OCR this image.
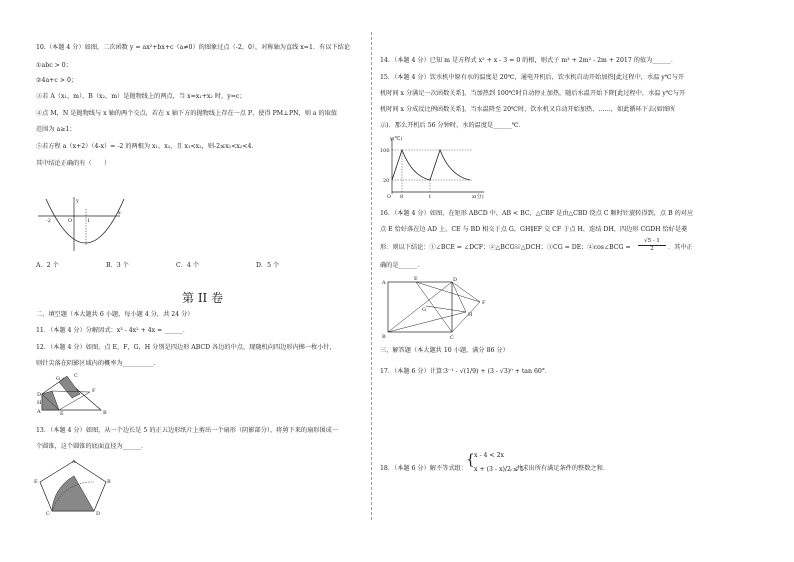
10.（本题 4 分）如图，二次函数 y = ax²+bx+c（a≠0）的图象过点（-2，0），对称轴为直线 x=1．有以下结论
①abc > 0；
②4a+c > 0；
③若 A（x₁，m），B（x₂，m）是抛物线上的两点，当 x=x₁+x₂ 时，y=c；
④点 M，N 是抛物线与 x 轴的两个交点，若在 x 轴下方的抛物线上存在一点 P，使得 PM⊥PN，则 a 的取值
范围为 a≥1；
⑤若方程 a（x+2）（4-x）= -2 的两根为 x₁，x₂，且 x₁<x₂，则-2≤x₁<x₂<4．
其中结论正确的有（　　）
-2	O	1
x
y
A．2 个	B．3 个	C．4 个	D．5 个
第 II 卷
二、填空题（本大题共 6 小题，每小题 4 分，共 24 分）
11．（本题 4 分）分解因式：x³ - 4x² + 4x = ______．
12．（本题 4 分）如图，点 E，F，G，H 分别是四边形 ABCD 各边的中点，现随机向四边形内掷一枚小针，
则针尖落在阴影区域内的概率为__________．
A
D
B
C
G
F
H
E
13．（本题 4 分）如图，从一个边长是 5 的正五边形纸片上剪出一个扇形（阴影部分），将剪下来的扇形围成一
个圆锥，这个圆锥的底面直径为______．
A
B
E
C	D
14．（本题 4 分）已知 m 是方程式 x² + x - 3 = 0 的根，则式子 m³ + 2m² - 2m + 2017 的值为______．
15．（本题 4 分）饮水机中原有水的温度是 20℃，通电开机后，饮水机自动开始加热[此过程中，水温 y℃与开
机时间 x 分满足一次函数关系]，当加热到 100℃时自动停止加热，随后水温开始下降[此过程中，水温 y℃与开
机时间 x 分成反比例函数关系]，当水温降至 20℃时，饮水机又自动开始加热，……，如此循环下去(如图所
示)．那么开机后 56 分钟时，水的温度是______℃．
y(℃)
100
20
O 8	t	x(分)
16．（本题 4 分）如图，在矩形 ABCD 中，AB < BC，△CBF 是由△CBD 绕点 C 顺时针旋转得到，点 B 的对应
点 E 恰好落在边 AD 上，CE 与 BD 相交于点 G，GH∥EF 交 CF 于点 H，连结 DH，四边形 CGDH 恰好是菱
形．则以下结论：①∠BCE = ∠DCF；②△BCG≌△DCH；③CG = DE；④cos∠BCG =
√5 - 1
2	．其中正
确的是______．
A
E	D
B	C
F
G
H
三、解答题（本大题共 10 小题，满分 86 分）
17．（本题 6 分）计算：
3⁻¹ - √(1/9) + (3 - √3)⁰ + tan 60°．
18．（本题 6 分）解不等式组：
{ x - 4 < 2x
x + (3 - x)/2 ≤ 1
，并求出所有满足条件的整数之和．
